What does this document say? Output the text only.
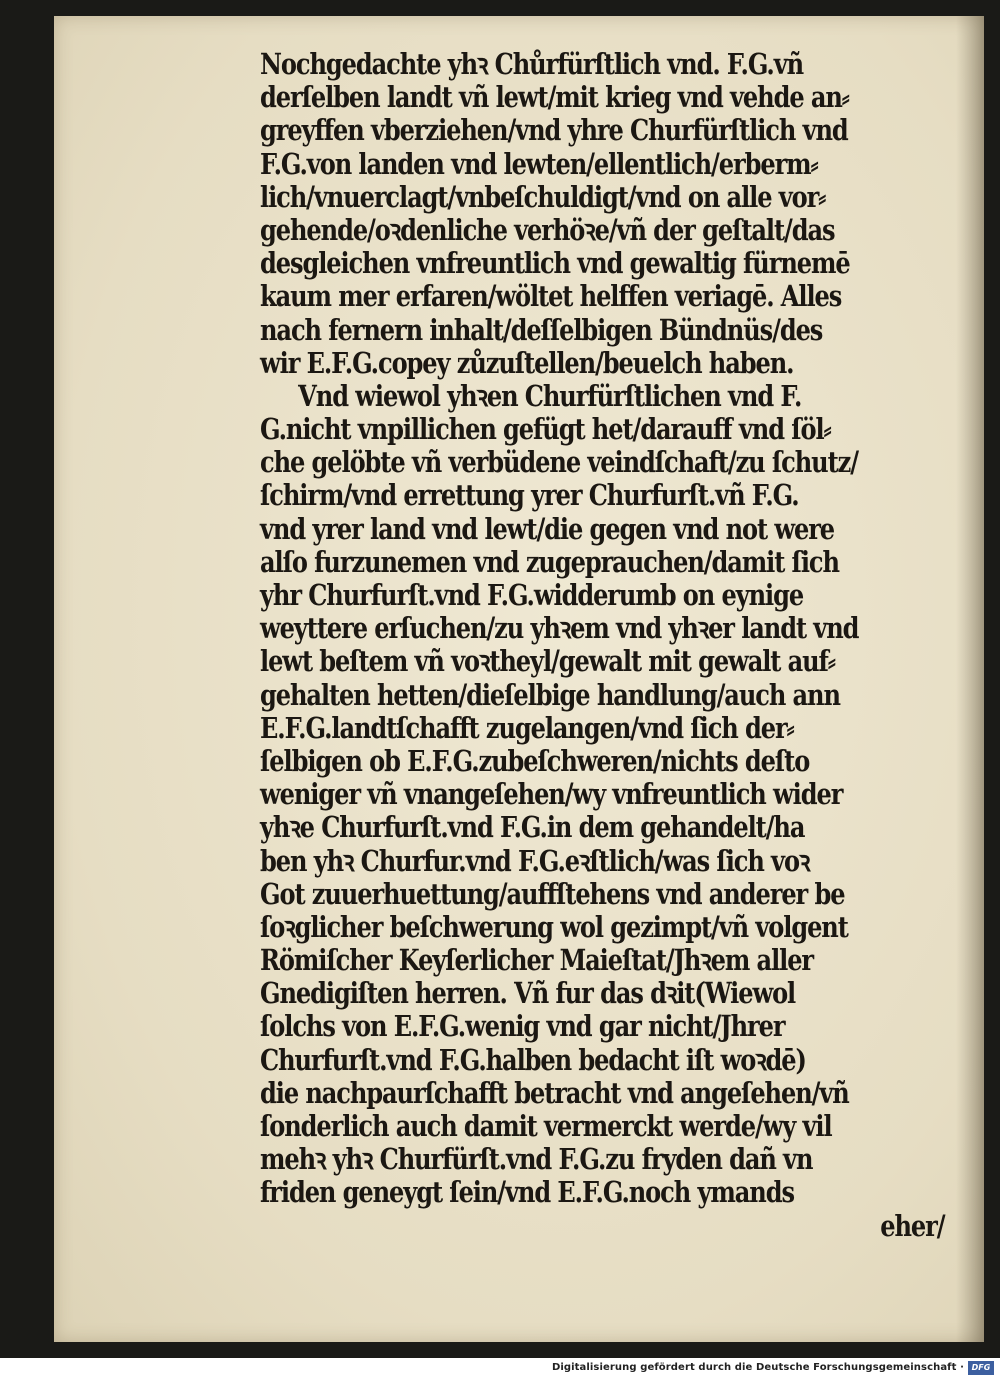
Nochgedachte yhꝛ Chůrfürſtlich vnd. F.G.vñ
derſelben landt vñ lewt/mit krieg vnd vehde an⸗
greyffen vberziehen/vnd yhre Churfürſtlich vnd
F.G.von landen vnd lewten/ellentlich/erberm⸗
lich/vnuerclagt/vnbeſchuldigt/vnd on alle vor⸗
gehende/oꝛdenliche verhöꝛe/vñ der geſtalt/das
desgleichen vnfreuntlich vnd gewaltig fürnemē
kaum mer erfaren/wöltet helffen veriagē. Alles
nach fernern inhalt/deſſelbigen Bündnüs/des
wir E.F.G.copey zůzuſtellen/beuelch haben.
Vnd wiewol yhꝛen Churfürſtlichen vnd F.
G.nicht vnpillichen gefügt het/darauff vnd ſöl⸗
che gelöbte vñ verbüdene veindſchaft/zu ſchutz/
ſchirm/vnd errettung yrer Churfurſt.vñ F.G.
vnd yrer land vnd lewt/die gegen vnd not were
alſo furzunemen vnd zugeprauchen/damit ſich
yhr Churfurſt.vnd F.G.widderumb on eynige
weyttere erſuchen/zu yhꝛem vnd yhꝛer landt vnd
lewt beſtem vñ voꝛtheyl/gewalt mit gewalt auf⸗
gehalten hetten/dieſelbige handlung/auch ann
E.F.G.landtſchafft zugelangen/vnd ſich der⸗
ſelbigen ob E.F.G.zubeſchweren/nichts deſto
weniger vñ vnangeſehen/wy vnfreuntlich wider
yhꝛe Churfurſt.vnd F.G.in dem gehandelt/ha
ben yhꝛ Churfur.vnd F.G.eꝛſtlich/was ſich voꝛ
Got zuuerhuettung/auffſtehens vnd anderer be
ſoꝛglicher beſchwerung wol gezimpt/vñ volgent
Römiſcher Keyſerlicher Maieſtat/Jhꝛem aller
Gnedigiſten herren. Vñ fur das dꝛit(Wiewol
ſolchs von E.F.G.wenig vnd gar nicht/Jhrer
Churfurſt.vnd F.G.halben bedacht iſt woꝛdē)
die nachpaurſchafft betracht vnd angeſehen/vñ
ſonderlich auch damit vermerckt werde/wy vil
mehꝛ yhꝛ Churfürſt.vnd F.G.zu fryden dañ vn
friden geneygt ſein/vnd E.F.G.noch ymands
eher/
Digitalisierung gefördert durch die Deutsche Forschungsgemeinschaft · DFG
